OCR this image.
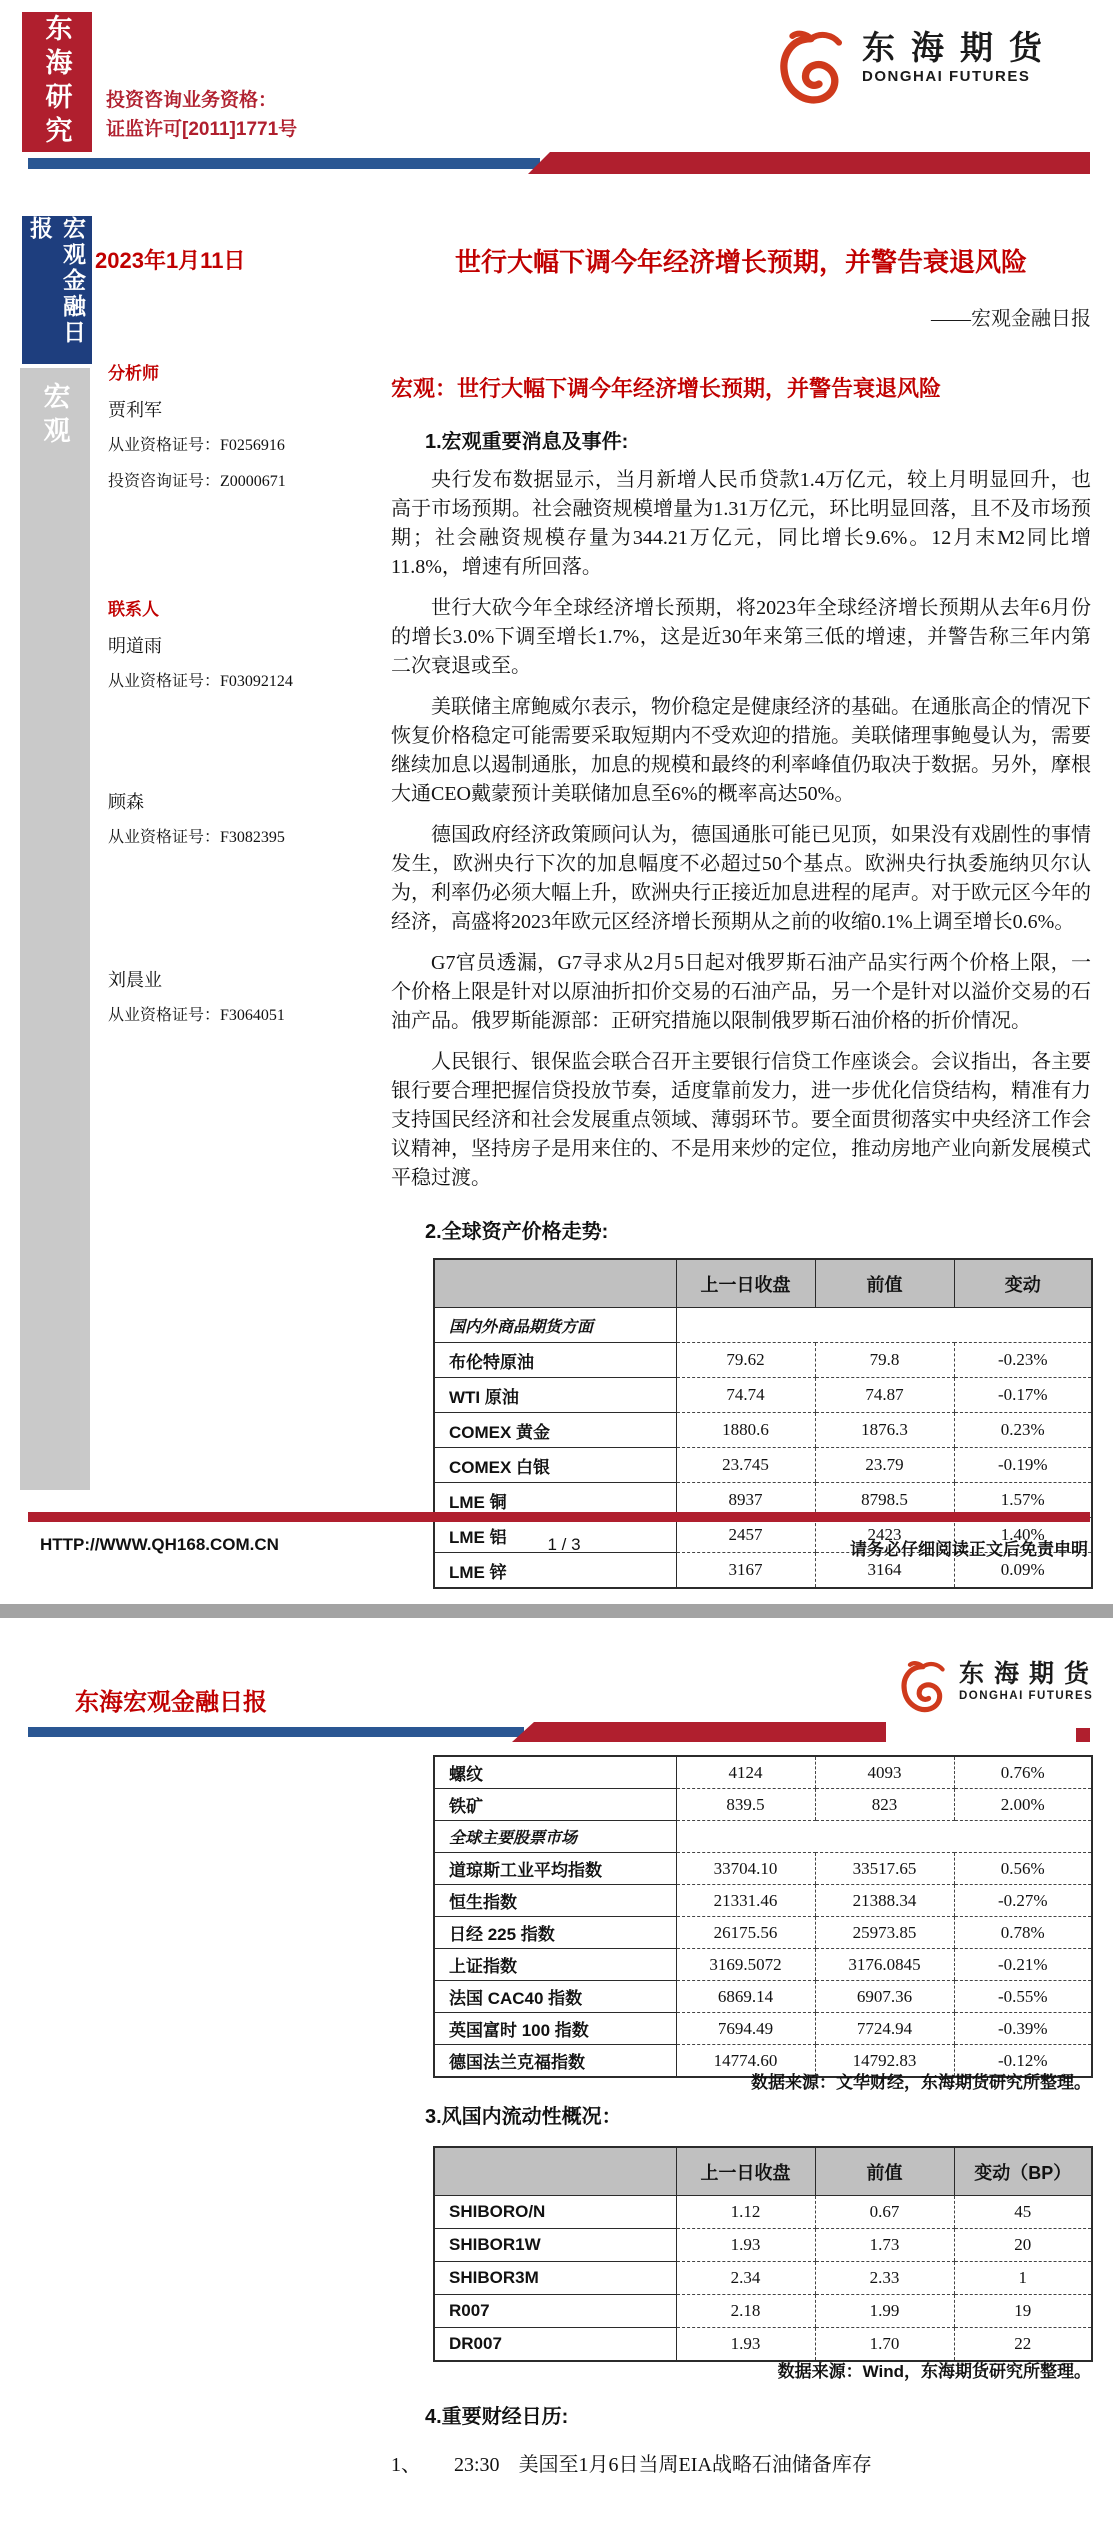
东海研究 投资咨询业务资格：
证监许可[2011]1771号
东海期货
DONGHAI FUTURES
宏观金融日报
宏观
2023年1月11日	世行大幅下调今年经济增长预期，并警告衰退风险
——宏观金融日报
分析师
贾利军
从业资格证号：F0256916
投资咨询证号：Z0000671
联系人
明道雨
从业资格证号：F03092124
顾森
从业资格证号：F3082395
刘晨业
从业资格证号：F3064051
宏观：世行大幅下调今年经济增长预期，并警告衰退风险
1.宏观重要消息及事件:
央行发布数据显示，当月新增人民币贷款1.4万亿元，较上月明显回升，也高于市场预期。社会融资规模增量为1.31万亿元，环比明显回落，且不及市场预期；社会融资规模存量为344.21万亿元，同比增长9.6%。12月末M2同比增11.8%，增速有所回落。
世行大砍今年全球经济增长预期，将2023年全球经济增长预期从去年6月份的增长3.0%下调至增长1.7%，这是近30年来第三低的增速，并警告称三年内第二次衰退或至。
美联储主席鲍威尔表示，物价稳定是健康经济的基础。在通胀高企的情况下恢复价格稳定可能需要采取短期内不受欢迎的措施。美联储理事鲍曼认为，需要继续加息以遏制通胀，加息的规模和最终的利率峰值仍取决于数据。另外，摩根大通CEO戴蒙预计美联储加息至6%的概率高达50%。
德国政府经济政策顾问认为，德国通胀可能已见顶，如果没有戏剧性的事情发生，欧洲央行下次的加息幅度不必超过50个基点。欧洲央行执委施纳贝尔认为，利率仍必须大幅上升，欧洲央行正接近加息进程的尾声。对于欧元区今年的经济，高盛将2023年欧元区经济增长预期从之前的收缩0.1%上调至增长0.6%。
G7官员透漏，G7寻求从2月5日起对俄罗斯石油产品实行两个价格上限，一个价格上限是针对以原油折扣价交易的石油产品，另一个是针对以溢价交易的石油产品。俄罗斯能源部：正研究措施以限制俄罗斯石油价格的折价情况。
人民银行、银保监会联合召开主要银行信贷工作座谈会。会议指出，各主要银行要合理把握信贷投放节奏，适度靠前发力，进一步优化信贷结构，精准有力支持国民经济和社会发展重点领域、薄弱环节。要全面贯彻落实中央经济工作会议精神，坚持房子是用来住的、不是用来炒的定位，推动房地产业向新发展模式平稳过渡。
2.全球资产价格走势:
	上一日收盘	前值	变动
国内外商品期货方面			
布伦特原油	79.62	79.8	-0.23%
WTI 原油	74.74	74.87	-0.17%
COMEX 黄金	1880.6	1876.3	0.23%
COMEX 白银	23.745	23.79	-0.19%
LME 铜	8937	8798.5	1.57%
LME 铝	2457	2423	1.40%
LME 锌	3167	3164	0.09%
HTTP://WWW.QH168.COM.CN	1 / 3	请务必仔细阅读正文后免责申明
东海宏观金融日报
东海期货
DONGHAI FUTURES
螺纹	4124	4093	0.76%
铁矿	839.5	823	2.00%
全球主要股票市场			
道琼斯工业平均指数	33704.10	33517.65	0.56%
恒生指数	21331.46	21388.34	-0.27%
日经 225 指数	26175.56	25973.85	0.78%
上证指数	3169.5072	3176.0845	-0.21%
法国 CAC40 指数	6869.14	6907.36	-0.55%
英国富时 100 指数	7694.49	7724.94	-0.39%
德国法兰克福指数	14774.60	14792.83	-0.12%
数据来源：文华财经，东海期货研究所整理。
3.风国内流动性概况：
	上一日收盘	前值	变动（BP）
SHIBORO/N	1.12	0.67	45
SHIBOR1W	1.93	1.73	20
SHIBOR3M	2.34	2.33	1
R007	2.18	1.99	19
DR007	1.93	1.70	22
数据来源：Wind，东海期货研究所整理。
4.重要财经日历:
1、 23:30 美国至1月6日当周EIA战略石油储备库存
